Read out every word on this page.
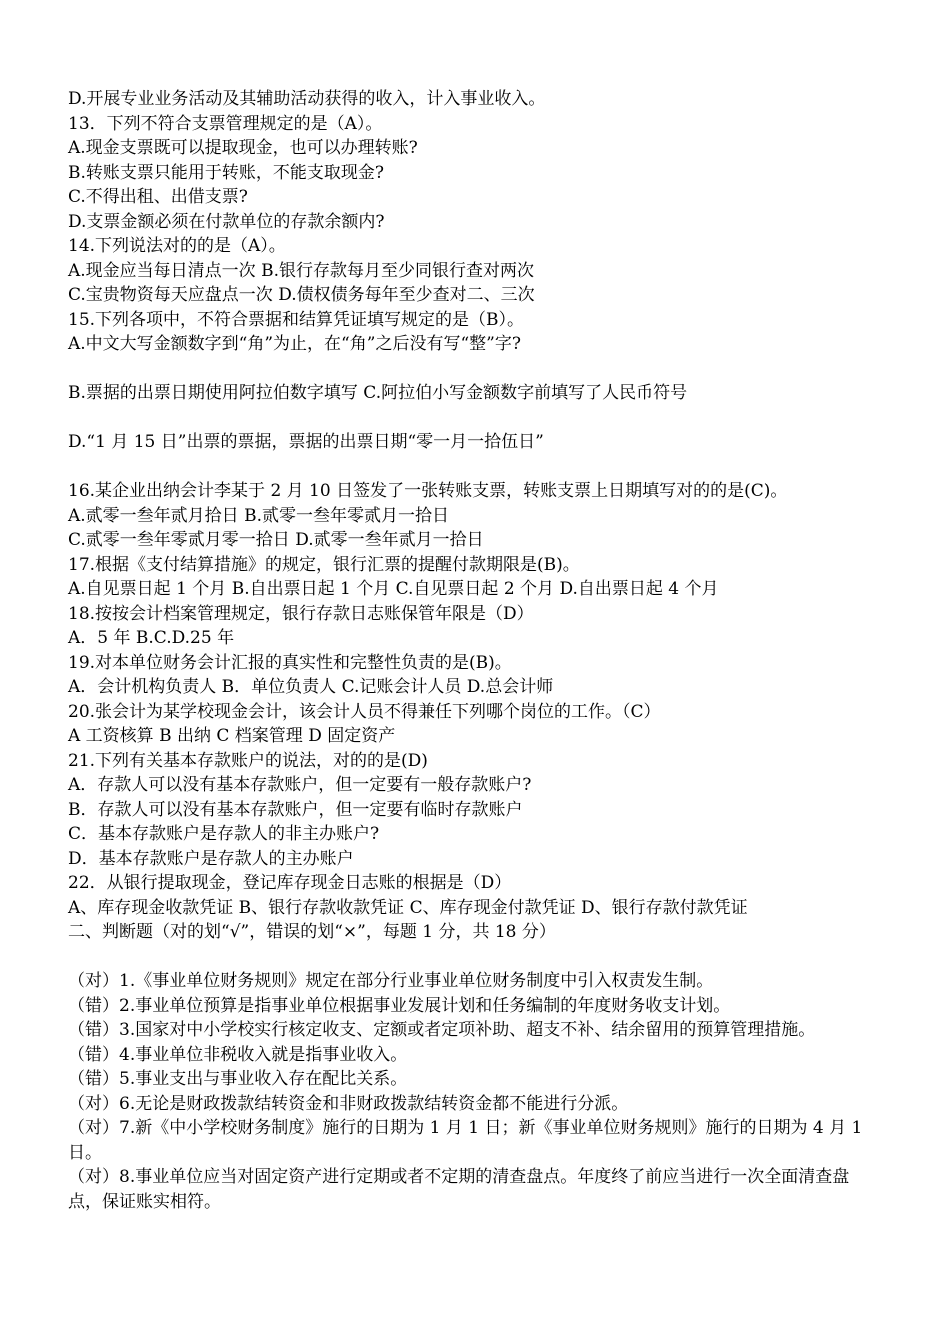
D.开展专业业务活动及其辅助活动获得的收入，计入事业收入。

13．下列不符合支票管理规定的是（A）。

A.现金支票既可以提取现金，也可以办理转账?

B.转账支票只能用于转账，不能支取现金?

C.不得出租、出借支票?

D.支票金额必须在付款单位的存款余额内?

14.下列说法对的的是（A）。

A.现金应当每日清点一次 B.银行存款每月至少同银行查对两次

C.宝贵物资每天应盘点一次 D.债权债务每年至少查对二、三次

15.下列各项中，不符合票据和结算凭证填写规定的是（B）。

A.中文大写金额数字到“角”为止，在“角”之后没有写“整”字?

B.票据的出票日期使用阿拉伯数字填写 C.阿拉伯小写金额数字前填写了人民币符号

D.“1 月 15 日”出票的票据，票据的出票日期“零一月一拾伍日”

16.某企业出纳会计李某于 2 月 10 日签发了一张转账支票，转账支票上日期填写对的的是(C)。

A.贰零一叁年贰月拾日 B.贰零一叁年零贰月一拾日

C.贰零一叁年零贰月零一拾日 D.贰零一叁年贰月一拾日

17.根据《支付结算措施》的规定，银行汇票的提醒付款期限是(B)。

A.自见票日起 1 个月 B.自出票日起 1 个月 C.自见票日起 2 个月 D.自出票日起 4 个月

18.按按会计档案管理规定，银行存款日志账保管年限是（D）

A．5 年 B.C.D.25 年

19.对本单位财务会计汇报的真实性和完整性负责的是(B)。

A．会计机构负责人 B．单位负责人 C.记账会计人员 D.总会计师

20.张会计为某学校现金会计，该会计人员不得兼任下列哪个岗位的工作。（C）

A 工资核算 B 出纳 C 档案管理 D 固定资产

21.下列有关基本存款账户的说法，对的的是(D)

A．存款人可以没有基本存款账户，但一定要有一般存款账户?

B．存款人可以没有基本存款账户，但一定要有临时存款账户

C．基本存款账户是存款人的非主办账户?

D．基本存款账户是存款人的主办账户

22．从银行提取现金，登记库存现金日志账的根据是（D）

A、库存现金收款凭证 B、银行存款收款凭证 C、库存现金付款凭证 D、银行存款付款凭证

二、判断题（对的划“√”，错误的划“×”，每题 1 分，共 18 分）

（对）1.《事业单位财务规则》规定在部分行业事业单位财务制度中引入权责发生制。

（错）2.事业单位预算是指事业单位根据事业发展计划和任务编制的年度财务收支计划。

（错）3.国家对中小学校实行核定收支、定额或者定项补助、超支不补、结余留用的预算管理措施。

（错）4.事业单位非税收入就是指事业收入。

（错）5.事业支出与事业收入存在配比关系。

（对）6.无论是财政拨款结转资金和非财政拨款结转资金都不能进行分派。

（对）7.新《中小学校财务制度》施行的日期为 1 月 1 日；新《事业单位财务规则》施行的日期为 4 月 1 日。

（对）8.事业单位应当对固定资产进行定期或者不定期的清查盘点。年度终了前应当进行一次全面清查盘点，保证账实相符。
